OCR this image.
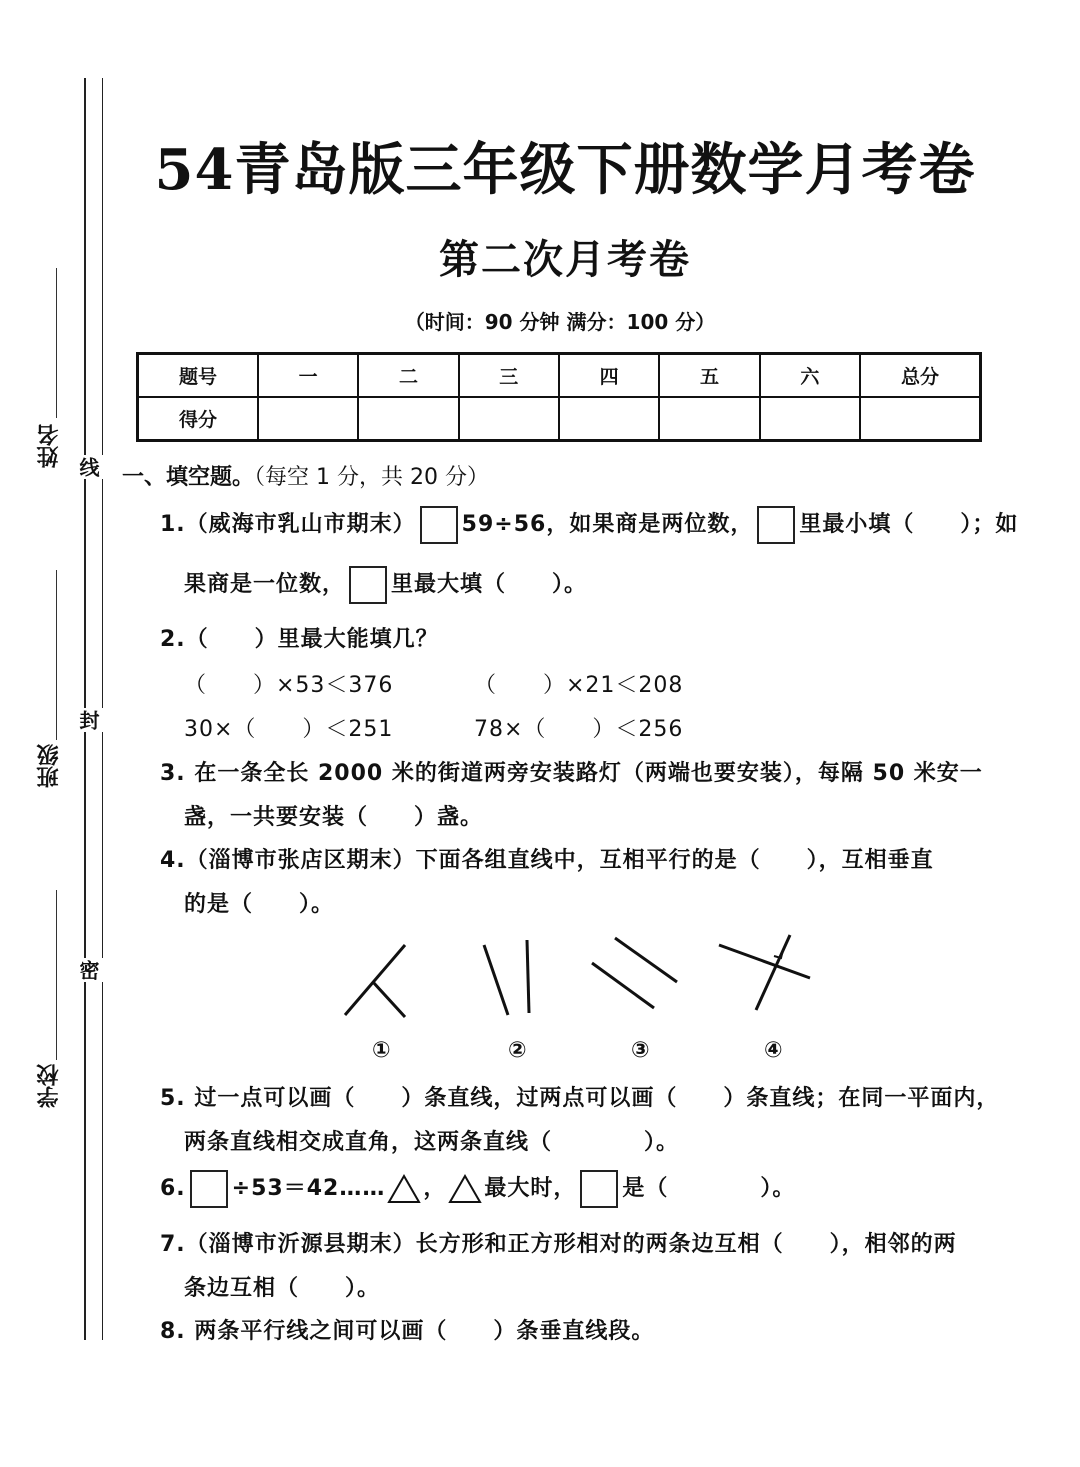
姓名
班级
学校
线
封
密
54青岛版三年级下册数学月考卷
第二次月考卷
（时间：90 分钟 满分：100 分）
题号	一	二	三	四	五	六	总分
得分							
一、填空题。（每空 1 分，共 20 分）
1.（威海市乳山市期末） 59÷56，如果商是两位数， 里最小填（　　）；如
果商是一位数， 里最大填（　　）。
2.（　　）里最大能填几？
（　　）×53＜376	（　　）×21＜208
30×（　　）＜251	78×（　　）＜256
3. 在一条全长 2000 米的街道两旁安装路灯（两端也要安装），每隔 50 米安一
盏，一共要安装（　　）盏。
4.（淄博市张店区期末）下面各组直线中，互相平行的是（　　），互相垂直
的是（　　）。
①	②	③	④
5. 过一点可以画（　　）条直线，过两点可以画（　　）条直线；在同一平面内，
两条直线相交成直角，这两条直线（　　　　）。
6. ÷53＝42…… ， 最大时， 是（　　　　）。
7.（淄博市沂源县期末）长方形和正方形相对的两条边互相（　　），相邻的两
条边互相（　　）。
8. 两条平行线之间可以画（　　）条垂直线段。
